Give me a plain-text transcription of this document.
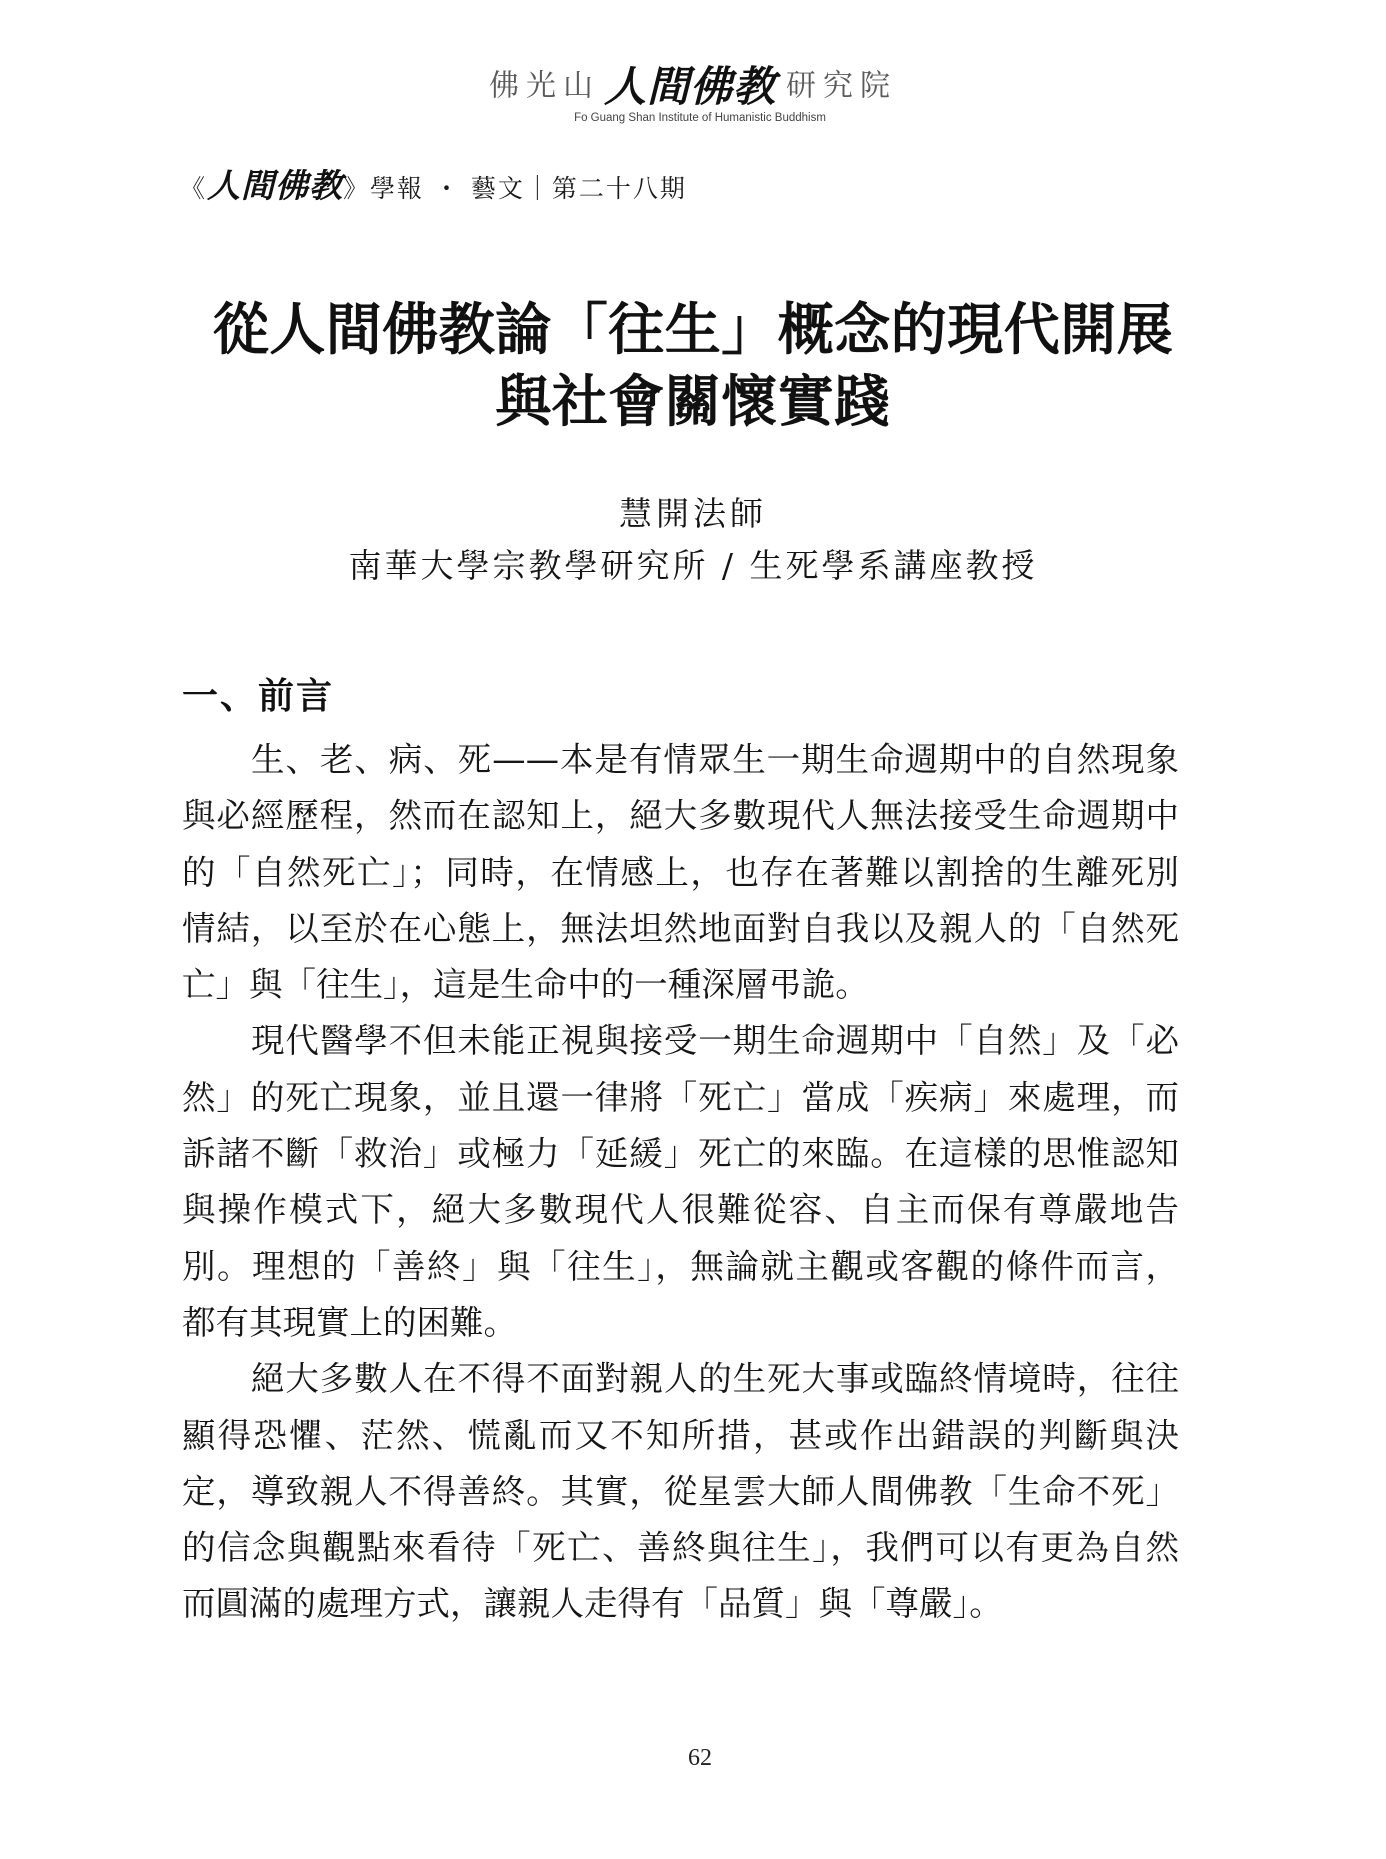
佛光山人間佛教 研究院
Fo Guang Shan Institute of Humanistic Buddhism
《人間佛教》學報 ・ 藝文｜第二十八期
從人間佛教論「往生」概念的現代開展
與社會關懷實踐
慧開法師
南華大學宗教學研究所 / 生死學系講座教授
一、前言
生、老、病、死——本是有情眾生一期生命週期中的自然現象
與必經歷程，然而在認知上，絕大多數現代人無法接受生命週期中
的「自然死亡」；同時，在情感上，也存在著難以割捨的生離死別
情結，以至於在心態上，無法坦然地面對自我以及親人的「自然死
亡」與「往生」，這是生命中的一種深層弔詭。
現代醫學不但未能正視與接受一期生命週期中「自然」及「必
然」的死亡現象，並且還一律將「死亡」當成「疾病」來處理，而
訴諸不斷「救治」或極力「延緩」死亡的來臨。在這樣的思惟認知
與操作模式下，絕大多數現代人很難從容、自主而保有尊嚴地告
別。理想的「善終」與「往生」，無論就主觀或客觀的條件而言，
都有其現實上的困難。
絕大多數人在不得不面對親人的生死大事或臨終情境時，往往
顯得恐懼、茫然、慌亂而又不知所措，甚或作出錯誤的判斷與決
定，導致親人不得善終。其實，從星雲大師人間佛教「生命不死」
的信念與觀點來看待「死亡、善終與往生」，我們可以有更為自然
而圓滿的處理方式，讓親人走得有「品質」與「尊嚴」。
62
